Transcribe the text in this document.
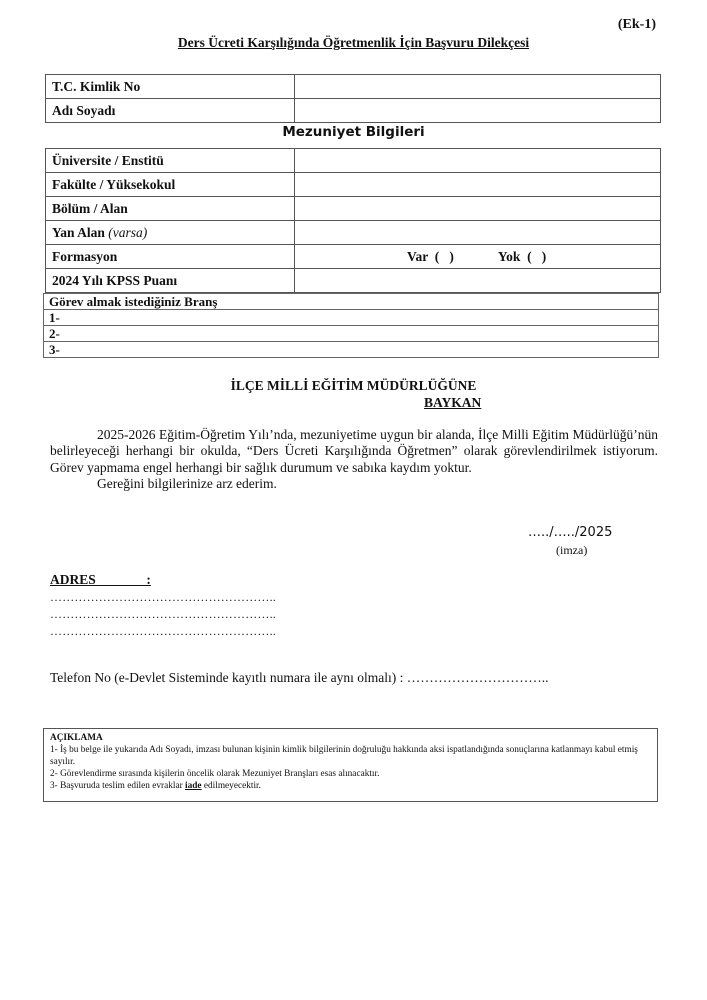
(Ek-1)
Ders Ücreti Karşılığında Öğretmenlik İçin Başvuru Dilekçesi
T.C. Kimlik No	
Adı Soyadı	
Mezuniyet Bilgileri
Üniversite / Enstitü	
Fakülte / Yüksekokul	
Bölüm / Alan	
Yan Alan (varsa)	
Formasyon	Var  (   ) Yok  (   )
2024 Yılı KPSS Puanı	
Görev almak istediğiniz Branş
1-
2-
3-
İLÇE MİLLİ EĞİTİM MÜDÜRLÜĞÜNE
BAYKAN

2025-2026 Eğitim-Öğretim Yılı’nda, mezuniyetime uygun bir alanda, İlçe Milli Eğitim Müdürlüğü’nün belirleyeceği herhangi bir okulda, “Ders Ücreti Karşılığında Öğretmen” olarak görevlendirilmek istiyorum. Görev yapmama engel herhangi bir sağlık durumum ve sabıka kaydım yoktur.

Gereğini bilgilerinize arz ederim.

…../…../2025
(imza)
ADRES               :
………………………………………………..
………………………………………………..
………………………………………………..
Telefon No (e-Devlet Sisteminde kayıtlı numara ile aynı olmalı) : …………………………..
AÇIKLAMA
1- İş bu belge ile yukarıda Adı Soyadı, imzası bulunan kişinin kimlik bilgilerinin doğruluğu hakkında aksi ispatlandığında sonuçlarına katlanmayı kabul etmiş sayılır.
2- Görevlendirme sırasında kişilerin öncelik olarak Mezuniyet Branşları esas alınacaktır.
3- Başvuruda teslim edilen evraklar iade edilmeyecektir.
